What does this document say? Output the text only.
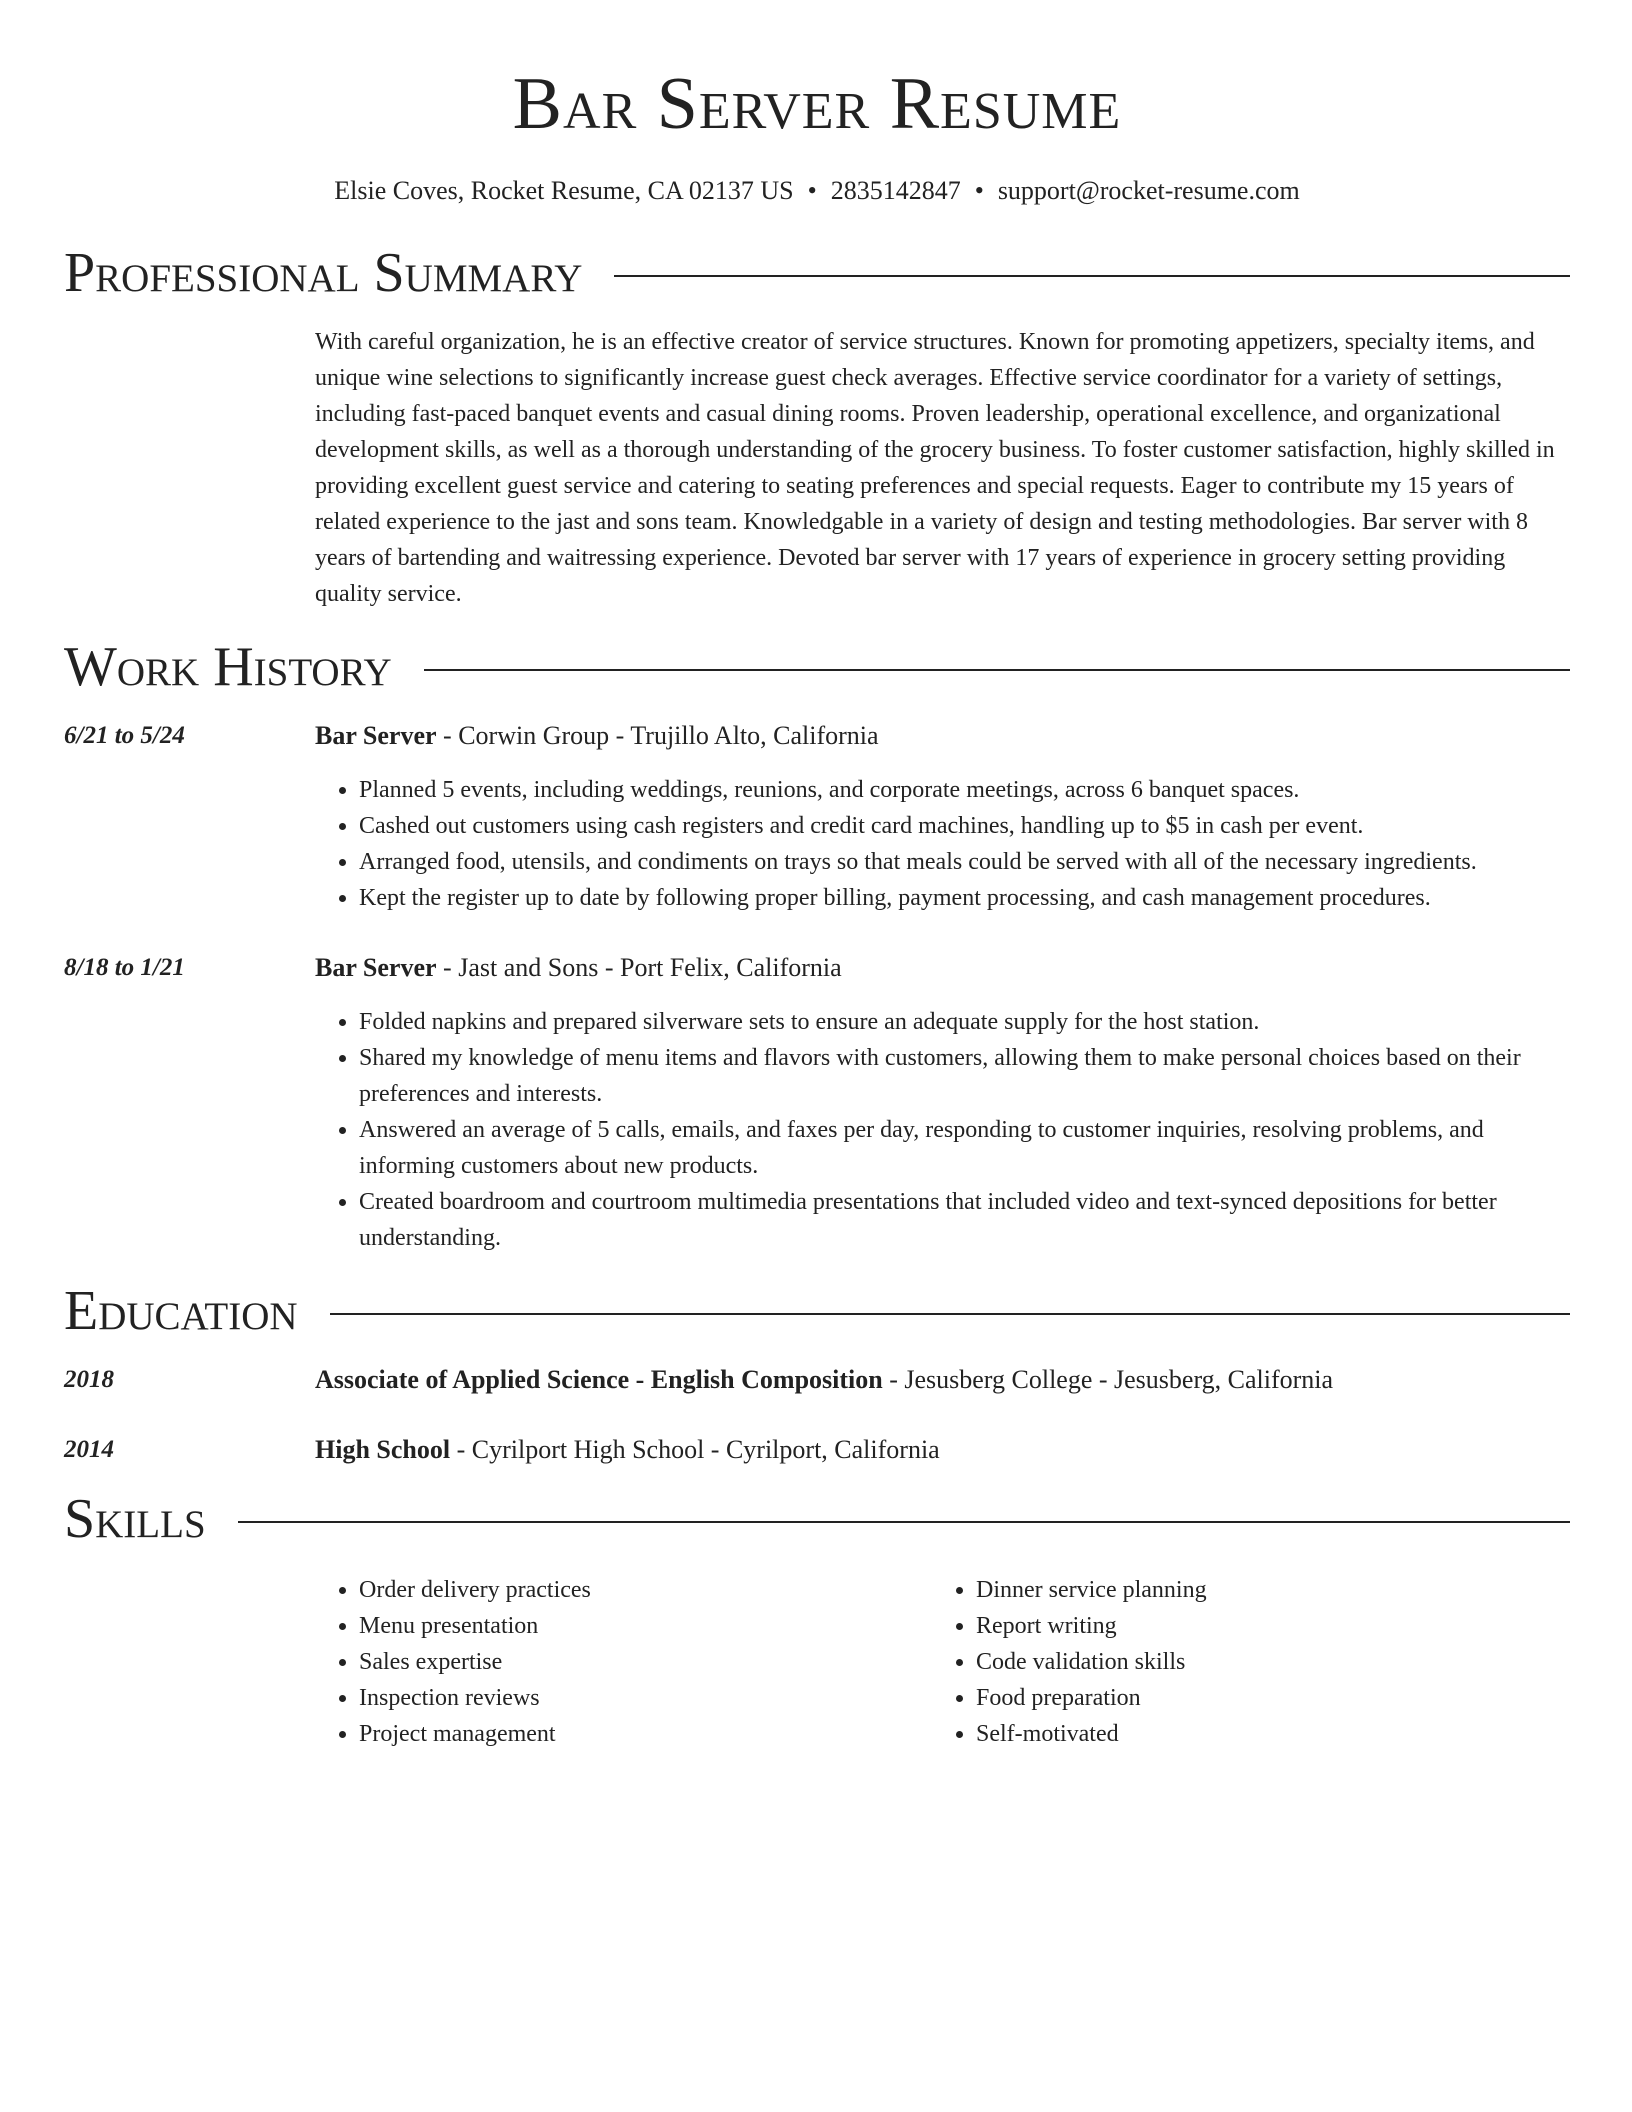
Bar Server Resume
Elsie Coves, Rocket Resume, CA 02137 US • 2835142847 • support@rocket-resume.com
Professional Summary
With careful organization, he is an effective creator of service structures. Known for promoting appetizers, specialty items, and unique wine selections to significantly increase guest check averages. Effective service coordinator for a variety of settings, including fast-paced banquet events and casual dining rooms. Proven leadership, operational excellence, and organizational development skills, as well as a thorough understanding of the grocery business. To foster customer satisfaction, highly skilled in providing excellent guest service and catering to seating preferences and special requests. Eager to contribute my 15 years of related experience to the jast and sons team. Knowledgable in a variety of design and testing methodologies. Bar server with 8 years of bartending and waitressing experience. Devoted bar server with 17 years of experience in grocery setting providing quality service.
Work History
6/21 to 5/24	Bar Server - Corwin Group - Trujillo Alto, California
• Planned 5 events, including weddings, reunions, and corporate meetings, across 6 banquet spaces.
• Cashed out customers using cash registers and credit card machines, handling up to $5 in cash per event.
• Arranged food, utensils, and condiments on trays so that meals could be served with all of the necessary ingredients.
• Kept the register up to date by following proper billing, payment processing, and cash management procedures.
8/18 to 1/21	Bar Server - Jast and Sons - Port Felix, California
• Folded napkins and prepared silverware sets to ensure an adequate supply for the host station.
• Shared my knowledge of menu items and flavors with customers, allowing them to make personal choices based on their preferences and interests.
• Answered an average of 5 calls, emails, and faxes per day, responding to customer inquiries, resolving problems, and informing customers about new products.
• Created boardroom and courtroom multimedia presentations that included video and text-synced depositions for better understanding.
Education
2018	Associate of Applied Science - English Composition - Jesusberg College - Jesusberg, California
2014	High School - Cyrilport High School - Cyrilport, California
Skills
• Order delivery practices
• Menu presentation
• Sales expertise
• Inspection reviews
• Project management
• Dinner service planning
• Report writing
• Code validation skills
• Food preparation
• Self-motivated
